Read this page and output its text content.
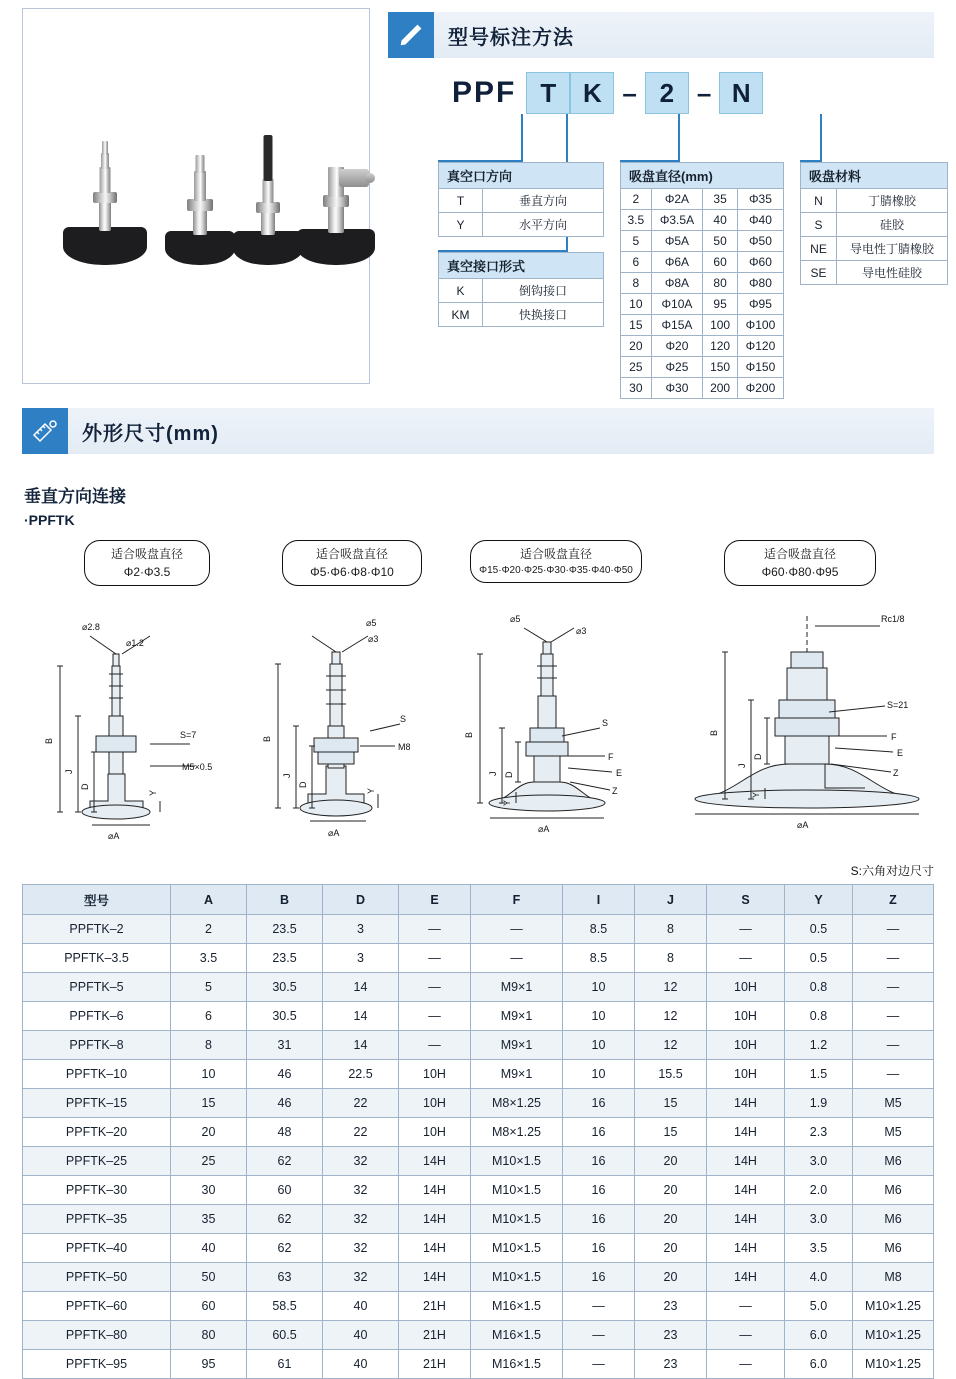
型号标注方法
PPF T	K – 2 – N
真空口方向	
T	垂直方向
Y	水平方向
真空接口形式	
K	倒钩接口
KM	快换接口
吸盘直径(mm)			
2	Φ2A	35	Φ35
3.5	Φ3.5A	40	Φ40
5	Φ5A	50	Φ50
6	Φ6A	60	Φ60
8	Φ8A	80	Φ80
10	Φ10A	95	Φ95
15	Φ15A	100	Φ100
20	Φ20	120	Φ120
25	Φ25	150	Φ150
30	Φ30	200	Φ200
吸盘材料	
N	丁腈橡胶
S	硅胶
NE	导电性丁腈橡胶
SE	导电性硅胶
外形尺寸(mm)
垂直方向连接
·PPFTK
适合吸盘直径
Φ2·Φ3.5
适合吸盘直径
Φ5·Φ6·Φ8·Φ10
适合吸盘直径
Φ15·Φ20·Φ25·Φ30·Φ35·Φ40·Φ50
适合吸盘直径
Φ60·Φ80·Φ95
⌀2.8
⌀1.2
S=7
M5×0.5
B
J
D
Y
⌀A
⌀5
⌀3
S
M8
B
J
D
Y
⌀A
⌀5
⌀3
S
F
E
Z
B
J D
Y
⌀A
Rc1/8
S=21
F
E
Z
B
J
D
Y
⌀A
S:六角对边尺寸
型号	A	B	D	E	F	I	J	S	Y	Z
PPFTK–2	2	23.5	3	—	—	8.5	8	—	0.5	—
PPFTK–3.5	3.5	23.5	3	—	—	8.5	8	—	0.5	—
PPFTK–5	5	30.5	14	—	M9×1	10	12	10H	0.8	—
PPFTK–6	6	30.5	14	—	M9×1	10	12	10H	0.8	—
PPFTK–8	8	31	14	—	M9×1	10	12	10H	1.2	—
PPFTK–10	10	46	22.5	10H	M9×1	10	15.5	10H	1.5	—
PPFTK–15	15	46	22	10H	M8×1.25	16	15	14H	1.9	M5
PPFTK–20	20	48	22	10H	M8×1.25	16	15	14H	2.3	M5
PPFTK–25	25	62	32	14H	M10×1.5	16	20	14H	3.0	M6
PPFTK–30	30	60	32	14H	M10×1.5	16	20	14H	2.0	M6
PPFTK–35	35	62	32	14H	M10×1.5	16	20	14H	3.0	M6
PPFTK–40	40	62	32	14H	M10×1.5	16	20	14H	3.5	M6
PPFTK–50	50	63	32	14H	M10×1.5	16	20	14H	4.0	M8
PPFTK–60	60	58.5	40	21H	M16×1.5	—	23	—	5.0	M10×1.25
PPFTK–80	80	60.5	40	21H	M16×1.5	—	23	—	6.0	M10×1.25
PPFTK–95	95	61	40	21H	M16×1.5	—	23	—	6.0	M10×1.25
